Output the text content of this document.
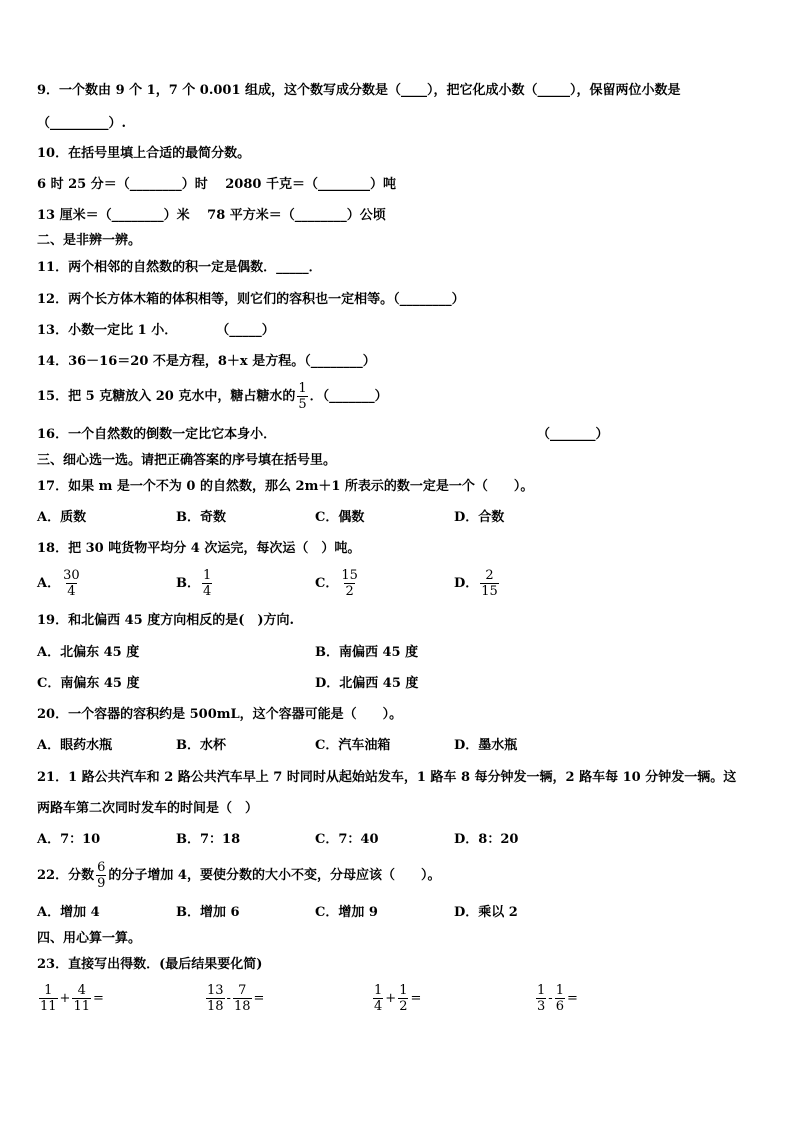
9．一个数由 9 个 1，7 个 0.001 组成，这个数写成分数是（____），把它化成小数（_____），保留两位小数是
（_________）.
10．在括号里填上合适的最简分数。
6 时 25 分＝（________）时　 2080 千克＝（________）吨
13 厘米＝（________）米　 78 平方米＝（________）公顷
二、是非辨一辨。
11．两个相邻的自然数的积一定是偶数．_____．
12．两个长方体木箱的体积相等，则它们的容积也一定相等。（________）
13．小数一定比 1 小．　　　　（_____）
14．36－16＝20 不是方程，8＋x 是方程。（________）
15．把 5 克糖放入 20 克水中，糖占糖水的 $\frac{1}{5}$ ．（_______）
16．一个自然数的倒数一定比它本身小．	（_______）
三、细心选一选。请把正确答案的序号填在括号里。
17．如果 m 是一个不为 0 的自然数，那么 2m＋1 所表示的数一定是一个（　　）。
A．质数	B．奇数	C．偶数	D．合数
18．把 30 吨货物平均分 4 次运完，每次运（　）吨。
A． $\frac{30}{4}$	B． $\frac{1}{4}$	C． $\frac{15}{2}$	D． $\frac{2}{15}$
19．和北偏西 45 度方向相反的是(　)方向.
A．北偏东 45 度	B．南偏西 45 度
C．南偏东 45 度	D．北偏西 45 度
20．一个容器的容积约是 500mL，这个容器可能是（　　）。
A．眼药水瓶	B．水杯	C．汽车油箱	D．墨水瓶
21．1 路公共汽车和 2 路公共汽车早上 7 时同时从起始站发车，1 路车 8 每分钟发一辆，2 路车每 10 分钟发一辆。这
两路车第二次同时发车的时间是（　）
A．7：10	B．7：18	C．7：40	D．8：20
22．分数 $\frac{6}{9}$ 的分子增加 4，要使分数的大小不变，分母应该（　　）。
A．增加 4	B．增加 6	C．增加 9	D．乘以 2
四、用心算一算。
23．直接写出得数．(最后结果要化简)
$\frac{1}{11} + \frac{4}{11}$ =	$\frac{13}{18} - \frac{7}{18}$ =	$\frac{1}{4} + \frac{1}{2}$ =	$\frac{1}{3} - \frac{1}{6}$ =
